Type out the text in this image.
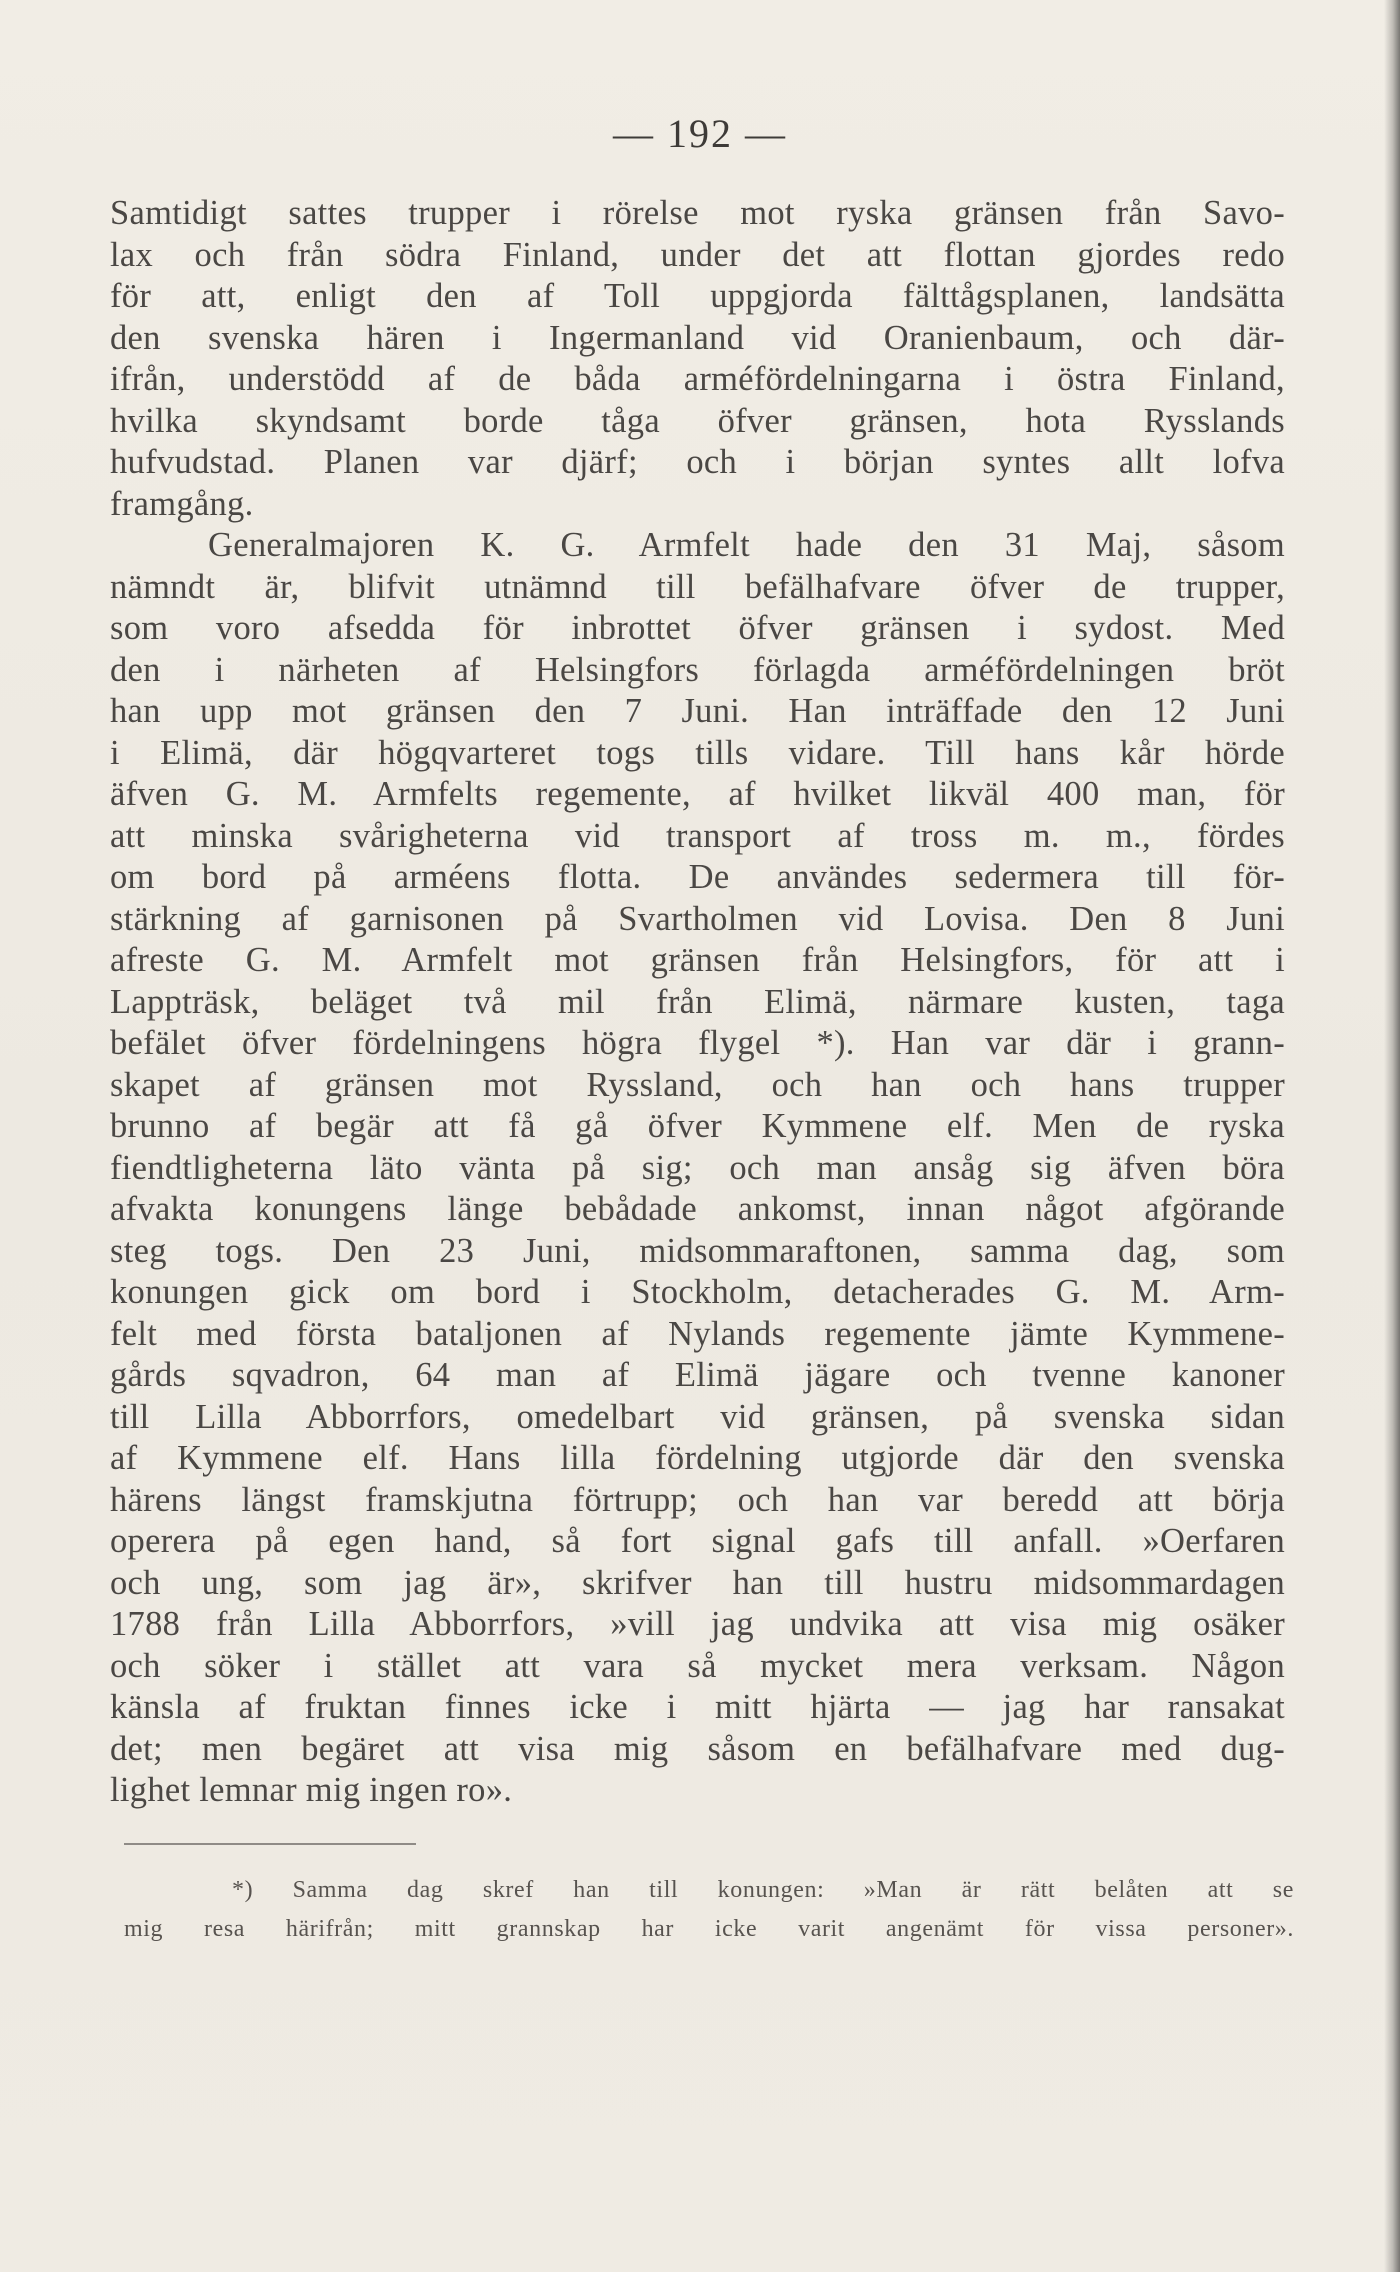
— 192 —
Samtidigt sattes trupper i rörelse mot ryska gränsen från Savo-
lax och från södra Finland, under det att flottan gjordes redo
för att, enligt den af Toll uppgjorda fälttågsplanen, landsätta
den svenska hären i Ingermanland vid Oranienbaum, och där-
ifrån, understödd af de båda arméfördelningarna i östra Finland,
hvilka skyndsamt borde tåga öfver gränsen, hota Rysslands
hufvudstad. Planen var djärf; och i början syntes allt lofva
framgång.
Generalmajoren K. G. Armfelt hade den 31 Maj, såsom
nämndt är, blifvit utnämnd till befälhafvare öfver de trupper,
som voro afsedda för inbrottet öfver gränsen i sydost. Med
den i närheten af Helsingfors förlagda arméfördelningen bröt
han upp mot gränsen den 7 Juni. Han inträffade den 12 Juni
i Elimä, där högqvarteret togs tills vidare. Till hans kår hörde
äfven G. M. Armfelts regemente, af hvilket likväl 400 man, för
att minska svårigheterna vid transport af tross m. m., fördes
om bord på arméens flotta. De användes sedermera till för-
stärkning af garnisonen på Svartholmen vid Lovisa. Den 8 Juni
afreste G. M. Armfelt mot gränsen från Helsingfors, för att i
Lappträsk, beläget två mil från Elimä, närmare kusten, taga
befälet öfver fördelningens högra flygel *). Han var där i grann-
skapet af gränsen mot Ryssland, och han och hans trupper
brunno af begär att få gå öfver Kymmene elf. Men de ryska
fiendtligheterna läto vänta på sig; och man ansåg sig äfven böra
afvakta konungens länge bebådade ankomst, innan något afgörande
steg togs. Den 23 Juni, midsommaraftonen, samma dag, som
konungen gick om bord i Stockholm, detacherades G. M. Arm-
felt med första bataljonen af Nylands regemente jämte Kymmene-
gårds sqvadron, 64 man af Elimä jägare och tvenne kanoner
till Lilla Abborrfors, omedelbart vid gränsen, på svenska sidan
af Kymmene elf. Hans lilla fördelning utgjorde där den svenska
härens längst framskjutna förtrupp; och han var beredd att börja
operera på egen hand, så fort signal gafs till anfall. »Oerfaren
och ung, som jag är», skrifver han till hustru midsommardagen
1788 från Lilla Abborrfors, »vill jag undvika att visa mig osäker
och söker i stället att vara så mycket mera verksam. Någon
känsla af fruktan finnes icke i mitt hjärta — jag har ransakat
det; men begäret att visa mig såsom en befälhafvare med dug-
lighet lemnar mig ingen ro».
*) Samma dag skref han till konungen: »Man är rätt belåten att se
mig resa härifrån; mitt grannskap har icke varit angenämt för vissa personer».
